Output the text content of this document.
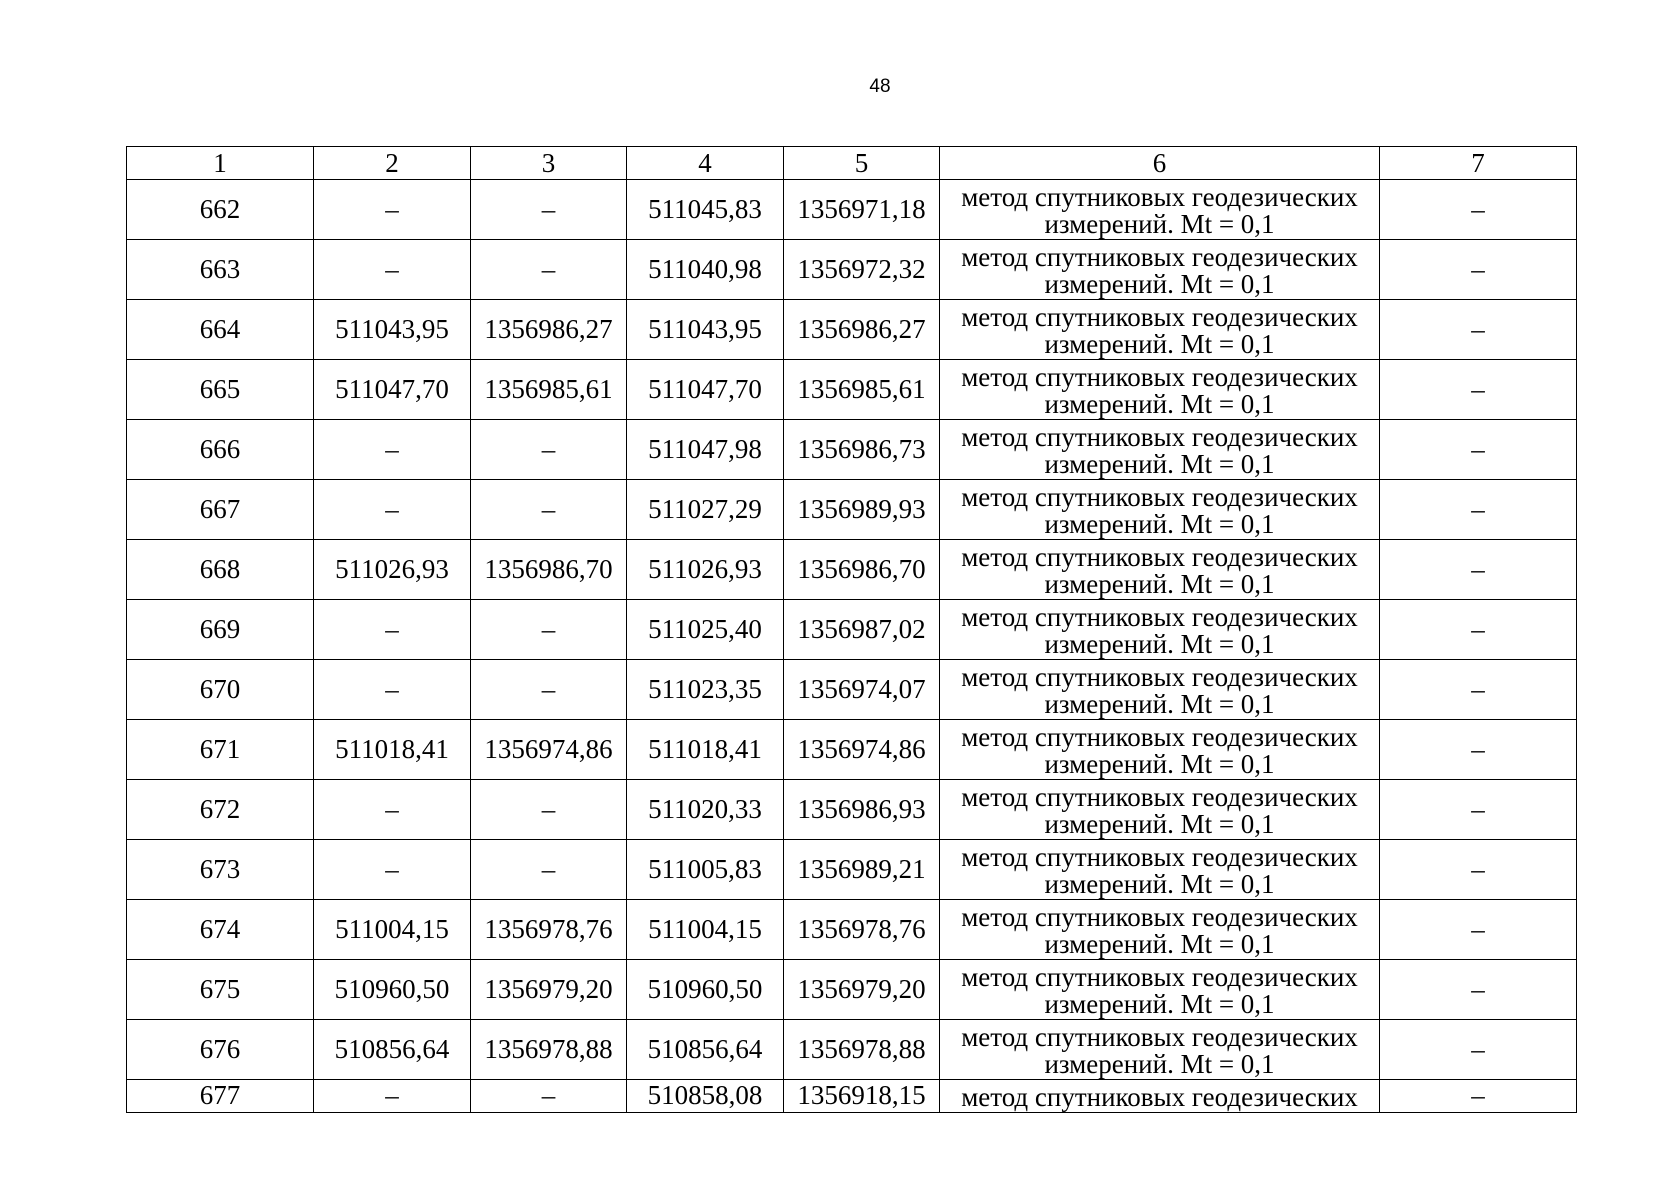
48
1	2	3	4	5	6	7
662	–	–	511045,83	1356971,18	метод спутниковых геодезических измерений. Mt = 0,1	–
663	–	–	511040,98	1356972,32	метод спутниковых геодезических измерений. Mt = 0,1	–
664	511043,95	1356986,27	511043,95	1356986,27	метод спутниковых геодезических измерений. Mt = 0,1	–
665	511047,70	1356985,61	511047,70	1356985,61	метод спутниковых геодезических измерений. Mt = 0,1	–
666	–	–	511047,98	1356986,73	метод спутниковых геодезических измерений. Mt = 0,1	–
667	–	–	511027,29	1356989,93	метод спутниковых геодезических измерений. Mt = 0,1	–
668	511026,93	1356986,70	511026,93	1356986,70	метод спутниковых геодезических измерений. Mt = 0,1	–
669	–	–	511025,40	1356987,02	метод спутниковых геодезических измерений. Mt = 0,1	–
670	–	–	511023,35	1356974,07	метод спутниковых геодезических измерений. Mt = 0,1	–
671	511018,41	1356974,86	511018,41	1356974,86	метод спутниковых геодезических измерений. Mt = 0,1	–
672	–	–	511020,33	1356986,93	метод спутниковых геодезических измерений. Mt = 0,1	–
673	–	–	511005,83	1356989,21	метод спутниковых геодезических измерений. Mt = 0,1	–
674	511004,15	1356978,76	511004,15	1356978,76	метод спутниковых геодезических измерений. Mt = 0,1	–
675	510960,50	1356979,20	510960,50	1356979,20	метод спутниковых геодезических измерений. Mt = 0,1	–
676	510856,64	1356978,88	510856,64	1356978,88	метод спутниковых геодезических измерений. Mt = 0,1	–
677	–	–	510858,08	1356918,15	метод спутниковых геодезических	–
